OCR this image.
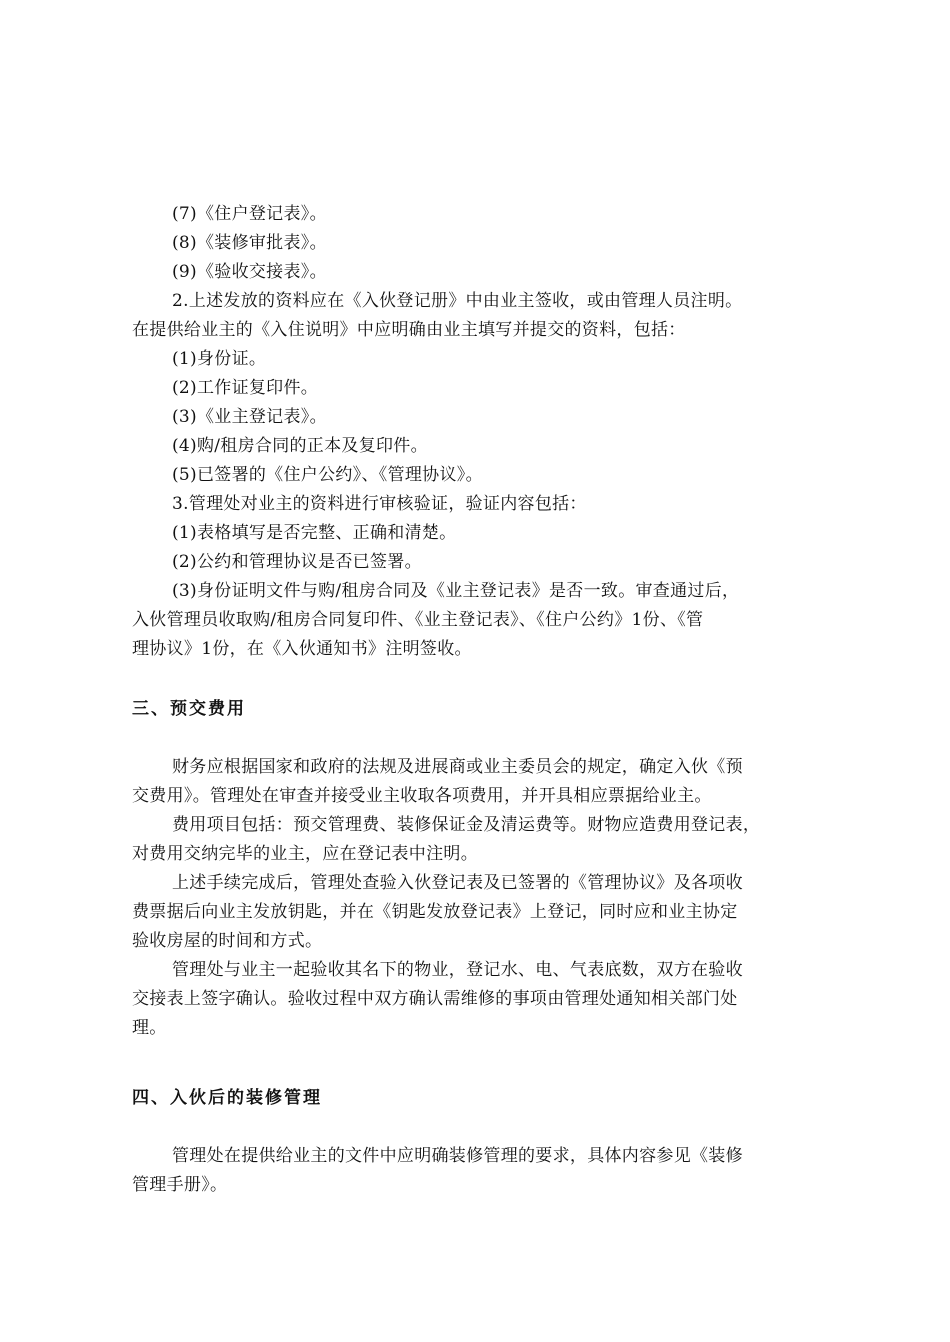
(7)《住户登记表》。
(8)《装修审批表》。
(9)《验收交接表》。
2.上述发放的资料应在《入伙登记册》中由业主签收，或由管理人员注明。
在提供给业主的《入住说明》中应明确由业主填写并提交的资料，包括：
(1)身份证。
(2)工作证复印件。
(3)《业主登记表》。
(4)购/租房合同的正本及复印件。
(5)已签署的《住户公约》、《管理协议》。
3.管理处对业主的资料进行审核验证，验证内容包括：
(1)表格填写是否完整、正确和清楚。
(2)公约和管理协议是否已签署。
(3)身份证明文件与购/租房合同及《业主登记表》是否一致。审查通过后，
入伙管理员收取购/租房合同复印件、《业主登记表》、《住户公约》1份、《管
理协议》1份，在《入伙通知书》注明签收。
三、预交费用
财务应根据国家和政府的法规及进展商或业主委员会的规定，确定入伙《预
交费用》。管理处在审查并接受业主收取各项费用，并开具相应票据给业主。
费用项目包括：预交管理费、装修保证金及清运费等。财物应造费用登记表，
对费用交纳完毕的业主，应在登记表中注明。
上述手续完成后，管理处查验入伙登记表及已签署的《管理协议》及各项收
费票据后向业主发放钥匙，并在《钥匙发放登记表》上登记，同时应和业主协定
验收房屋的时间和方式。
管理处与业主一起验收其名下的物业，登记水、电、气表底数，双方在验收
交接表上签字确认。验收过程中双方确认需维修的事项由管理处通知相关部门处
理。
四、入伙后的装修管理
管理处在提供给业主的文件中应明确装修管理的要求，具体内容参见《装修
管理手册》。
